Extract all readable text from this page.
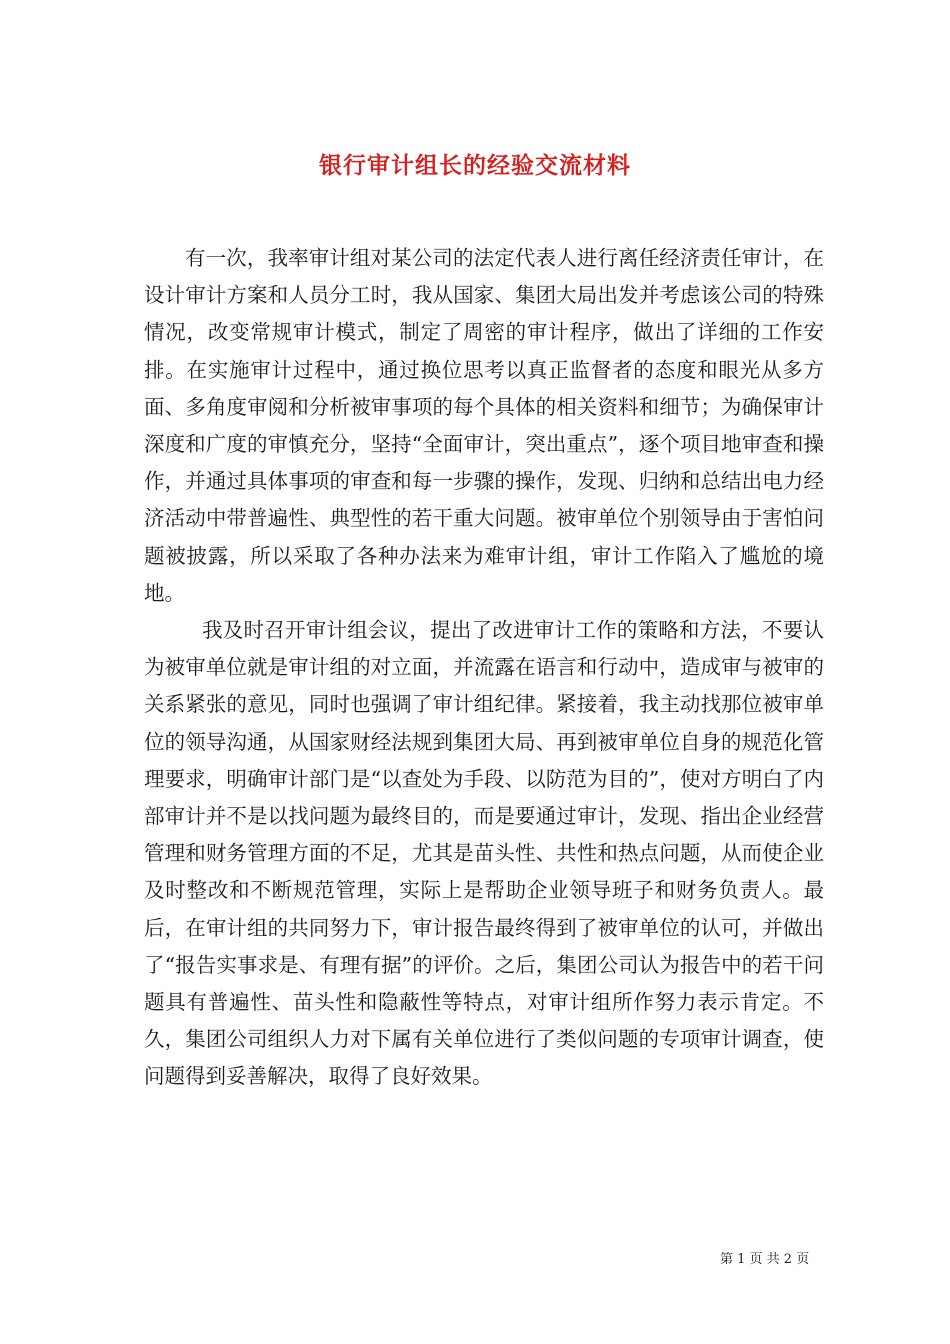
银行审计组长的经验交流材料

有一次，我率审计组对某公司的法定代表人进行离任经济责任审计，在设计审计方案和人员分工时，我从国家、集团大局出发并考虑该公司的特殊情况，改变常规审计模式，制定了周密的审计程序，做出了详细的工作安排。在实施审计过程中，通过换位思考以真正监督者的态度和眼光从多方面、多角度审阅和分析被审事项的每个具体的相关资料和细节；为确保审计深度和广度的审慎充分，坚持“全面审计，突出重点”，逐个项目地审查和操作，并通过具体事项的审查和每一步骤的操作，发现、归纳和总结出电力经济活动中带普遍性、典型性的若干重大问题。被审单位个别领导由于害怕问题被披露，所以采取了各种办法来为难审计组，审计工作陷入了尴尬的境地。

我及时召开审计组会议，提出了改进审计工作的策略和方法，不要认为被审单位就是审计组的对立面，并流露在语言和行动中，造成审与被审的关系紧张的意见，同时也强调了审计组纪律。紧接着，我主动找那位被审单位的领导沟通，从国家财经法规到集团大局、再到被审单位自身的规范化管理要求，明确审计部门是“以查处为手段、以防范为目的”，使对方明白了内部审计并不是以找问题为最终目的，而是要通过审计，发现、指出企业经营管理和财务管理方面的不足，尤其是苗头性、共性和热点问题，从而使企业及时整改和不断规范管理，实际上是帮助企业领导班子和财务负责人。最后，在审计组的共同努力下，审计报告最终得到了被审单位的认可，并做出了“报告实事求是、有理有据”的评价。之后，集团公司认为报告中的若干问题具有普遍性、苗头性和隐蔽性等特点，对审计组所作努力表示肯定。不久，集团公司组织人力对下属有关单位进行了类似问题的专项审计调查，使问题得到妥善解决，取得了良好效果。

第 1 页 共 2 页
